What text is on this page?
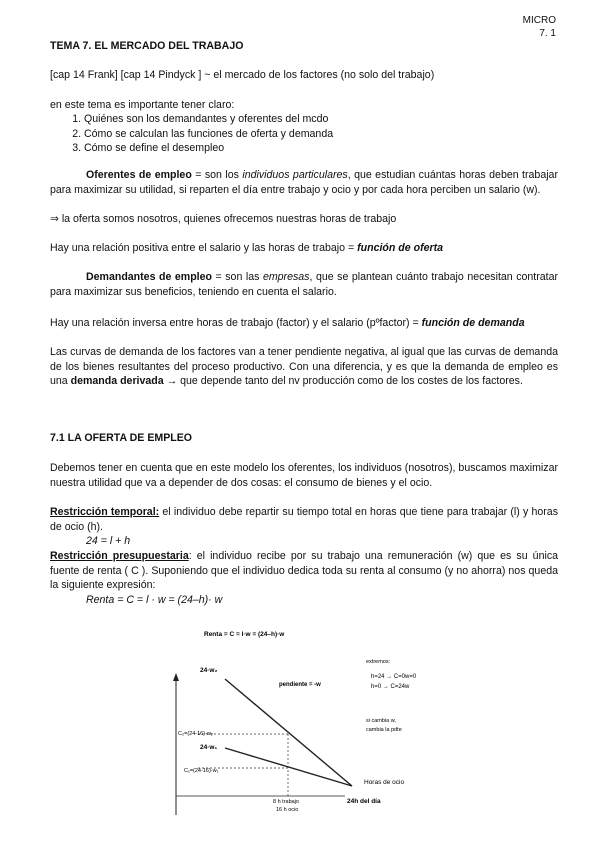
MICRO
7. 1
TEMA 7. EL MERCADO DEL TRABAJO
[cap 14 Frank] [cap 14 Pindyck ] ~ el mercado de los factores (no solo del trabajo)
en este tema es importante tener claro:
1. Quiénes son los demandantes y oferentes del mcdo
2. Cómo se calculan las funciones de oferta y demanda
3. Cómo se define el desempleo
Oferentes de empleo = son los individuos particulares, que estudian cuántas horas deben trabajar para maximizar su utilidad, si reparten el día entre trabajo y ocio y por cada hora perciben un salario (w).
⇒ la oferta somos nosotros, quienes ofrecemos nuestras horas de trabajo
Hay una relación positiva entre el salario y las horas de trabajo = función de oferta
Demandantes de empleo = son las empresas, que se plantean cuánto trabajo necesitan contratar para maximizar sus beneficios, teniendo en cuenta el salario.
Hay una relación inversa entre horas de trabajo (factor) y el salario (pºfactor) = función de demanda
Las curvas de demanda de los factores van a tener pendiente negativa, al igual que las curvas de demanda de los bienes resultantes del proceso productivo. Con una diferencia, y es que la demanda de empleo es una demanda derivada → que depende tanto del nv producción como de los costes de los factores.
7.1 LA OFERTA DE EMPLEO
Debemos tener en cuenta que en este modelo los oferentes, los individuos (nosotros), buscamos maximizar nuestra utilidad que va a depender de dos cosas: el consumo de bienes y el ocio.
Restricción temporal: el individuo debe repartir su tiempo total en horas que tiene para trabajar (l) y horas de ocio (h).
24 = l + h
Restricción presupuestaria: el individuo recibe por su trabajo una remuneración (w) que es su única fuente de renta ( C ). Suponiendo que el individuo dedica toda su renta al consumo (y no ahorra) nos queda la siguiente expresión:
Renta = C = l · w = (24–h)· w
Renta = C = l·w = (24–h)·w
24·w₂
pendiente = -w
C₂=(24-16)·w₂
24·w₁
C₁=(24-16)·w₁
Horas de ocio
24h del día
8 h trabajo
16 h ocio
extremos:
h=24 → C=0w=0
h=0 → C=24w
si cambia w,
cambia la pdte
